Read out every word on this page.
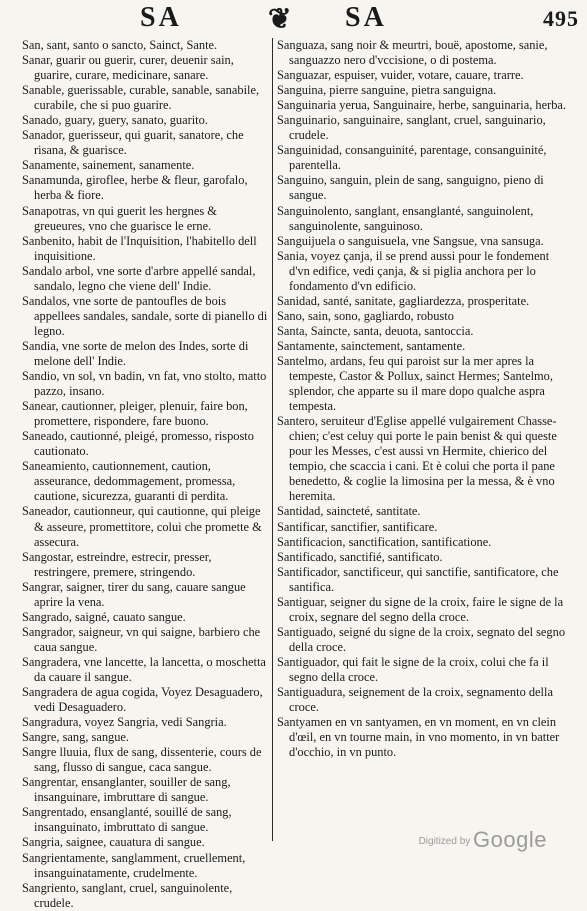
SA	❦ SA	495

San, sant, santo o sancto, Sainct, Sante.

Sanar, guarir ou guerir, curer, deuenir sain, guarire, curare, medicinare, sanare.

Sanable, guerissable, curable, sanable, sanabile, curabile, che si puo guarire.

Sanado, guary, guery, sanato, guarito.

Sanador, guerisseur, qui guarit, sanatore, che risana, & guarisce.

Sanamente, sainement, sanamente.

Sanamunda, giroflee, herbe & fleur, garofalo, herba & fiore.

Sanapotras, vn qui guerit les hergnes & greueures, vno che guarisce le erne.

Sanbenito, habit de l'Inquisition, l'habitello dell inquisitione.

Sandalo arbol, vne sorte d'arbre appellé sandal, sandalo, legno che viene dell' Indie.

Sandalos, vne sorte de pantoufles de bois appellees sandales, sandale, sorte di pianello di legno.

Sandia, vne sorte de melon des Indes, sorte di melone dell' Indie.

Sandio, vn sol, vn badin, vn fat, vno stolto, matto pazzo, insano.

Sanear, cautionner, pleiger, plenuir, faire bon, promettere, rispondere, fare buono.

Saneado, cautionné, pleigé, promesso, risposto cautionato.

Saneamiento, cautionnement, caution, asseurance, dedommagement, promessa, cautione, sicurezza, guaranti di perdita.

Saneador, cautionneur, qui cautionne, qui pleige & asseure, promettitore, colui che promette & assecura.

Sangostar, estreindre, estrecir, presser, restringere, premere, stringendo.

Sangrar, saigner, tirer du sang, cauare sangue aprire la vena.

Sangrado, saigné, cauato sangue.

Sangrador, saigneur, vn qui saigne, barbiero che caua sangue.

Sangradera, vne lancette, la lancetta, o moschetta da cauare il sangue.

Sangradera de agua cogida, Voyez Desaguadero, vedi Desaguadero.

Sangradura, voyez Sangria, vedi Sangria.

Sangre, sang, sangue.

Sangre lluuia, flux de sang, dissenterie, cours de sang, flusso di sangue, caca sangue.

Sangrentar, ensanglanter, souiller de sang, insanguinare, imbruttare di sangue.

Sangrentado, ensanglanté, souillé de sang, insanguinato, imbruttato di sangue.

Sangria, saignee, cauatura di sangue.

Sangrientamente, sanglamment, cruellement, insanguinatamente, crudelmente.

Sangriento, sanglant, cruel, sanguinolente, crudele.

Sanguaza, sang noir & meurtri, bouë, apostome, sanie, sanguazzo nero d'vccisione, o di postema.

Sanguazar, espuiser, vuider, votare, cauare, trarre.

Sanguina, pierre sanguine, pietra sanguigna.

Sanguinaria yerua, Sanguinaire, herbe, sanguinaria, herba.

Sanguinario, sanguinaire, sanglant, cruel, sanguinario, crudele.

Sanguinidad, consanguinité, parentage, consanguinité, parentella.

Sanguino, sanguin, plein de sang, sanguigno, pieno di sangue.

Sanguinolento, sanglant, ensanglanté, sanguinolent, sanguinolente, sanguinoso.

Sanguijuela o sanguisuela, vne Sangsue, vna sansuga.

Sania, voyez çanja, il se prend aussi pour le fondement d'vn edifice, vedi çanja, & si piglia anchora per lo fondamento d'vn edificio.

Sanidad, santé, sanitate, gagliardezza, prosperitate.

Sano, sain, sono, gagliardo, robusto

Santa, Saincte, santa, deuota, santoccia.

Santamente, sainctement, santamente.

Santelmo, ardans, feu qui paroist sur la mer apres la tempeste, Castor & Pollux, sainct Hermes; Santelmo, splendor, che apparte su il mare dopo qualche aspra tempesta.

Santero, seruiteur d'Eglise appellé vulgairement Chasse-chien; c'est celuy qui porte le pain benist & qui queste pour les Messes, c'est aussi vn Hermite, chierico del tempio, che scaccia i cani. Et è colui che porta il pane benedetto, & coglie la limosina per la messa, & è vno heremita.

Santidad, saincteté, santitate.

Santificar, sanctifier, santificare.

Santificacion, sanctification, santificatione.

Santificado, sanctifié, santificato.

Santificador, sanctificeur, qui sanctifie, santificatore, che santifica.

Santiguar, seigner du signe de la croix, faire le signe de la croix, segnare del segno della croce.

Santiguado, seigné du signe de la croix, segnato del segno della croce.

Santiguador, qui fait le signe de la croix, colui che fa il segno della croce.

Santiguadura, seignement de la croix, segnamento della croce.

Santyamen en vn santyamen, en vn moment, en vn clein d'œil, en vn tourne main, in vno momento, in vn batter d'occhio, in vn punto.

Digitized by Google
